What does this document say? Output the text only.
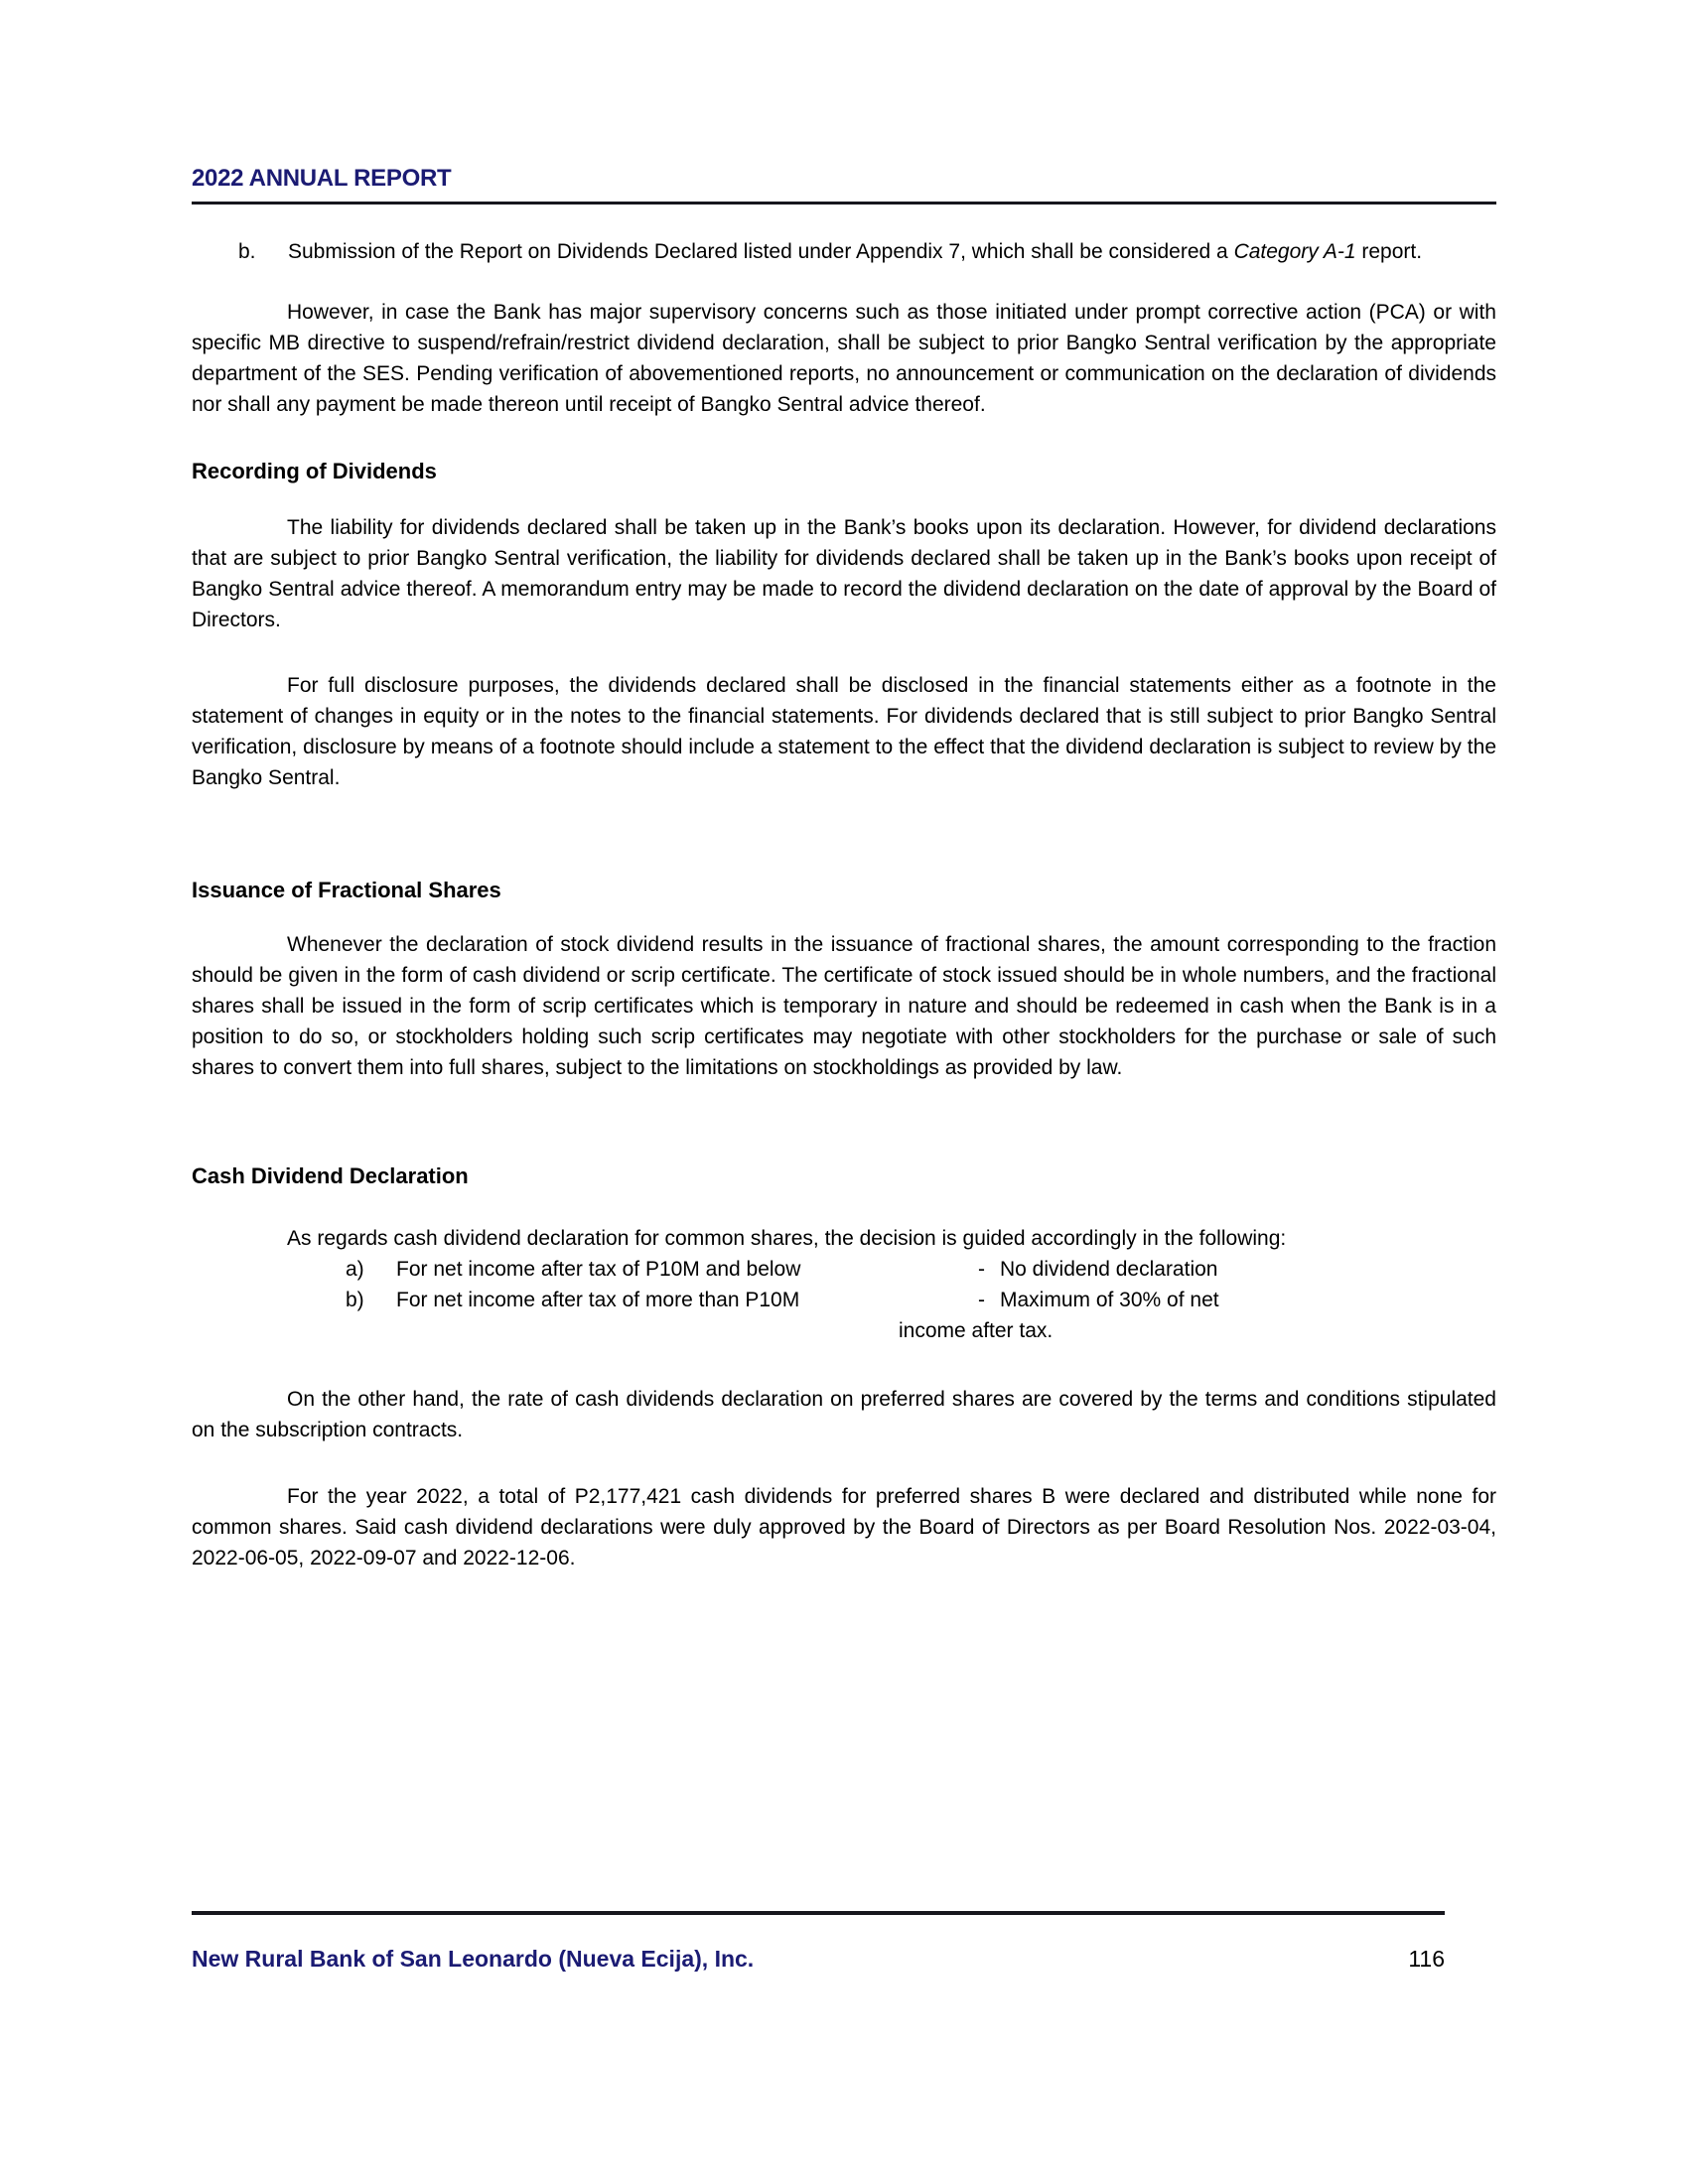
2022 ANNUAL REPORT
b.	Submission of the Report on Dividends Declared listed under Appendix 7, which shall be considered a Category A-1 report.

However, in case the Bank has major supervisory concerns such as those initiated under prompt corrective action (PCA) or with specific MB directive to suspend/refrain/restrict dividend declaration, shall be subject to prior Bangko Sentral verification by the appropriate department of the SES. Pending verification of abovementioned reports, no announcement or communication on the declaration of dividends nor shall any payment be made thereon until receipt of Bangko Sentral advice thereof.

Recording of Dividends

The liability for dividends declared shall be taken up in the Bank’s books upon its declaration. However, for dividend declarations that are subject to prior Bangko Sentral verification, the liability for dividends declared shall be taken up in the Bank’s books upon receipt of Bangko Sentral advice thereof. A memorandum entry may be made to record the dividend declaration on the date of approval by the Board of Directors.

For full disclosure purposes, the dividends declared shall be disclosed in the financial statements either as a footnote in the statement of changes in equity or in the notes to the financial statements. For dividends declared that is still subject to prior Bangko Sentral verification, disclosure by means of a footnote should include a statement to the effect that the dividend declaration is subject to review by the Bangko Sentral.

Issuance of Fractional Shares

Whenever the declaration of stock dividend results in the issuance of fractional shares, the amount corresponding to the fraction should be given in the form of cash dividend or scrip certificate. The certificate of stock issued should be in whole numbers, and the fractional shares shall be issued in the form of scrip certificates which is temporary in nature and should be redeemed in cash when the Bank is in a position to do so, or stockholders holding such scrip certificates may negotiate with other stockholders for the purchase or sale of such shares to convert them into full shares, subject to the limitations on stockholdings as provided by law.

Cash Dividend Declaration

As regards cash dividend declaration for common shares, the decision is guided accordingly in the following:

a)	For net income after tax of P10M and below	- No dividend declaration
b)	For net income after tax of more than P10M	- Maximum of 30% of net
income after tax.

On the other hand, the rate of cash dividends declaration on preferred shares are covered by the terms and conditions stipulated on the subscription contracts.

For the year 2022, a total of P2,177,421 cash dividends for preferred shares B were declared and distributed while none for common shares. Said cash dividend declarations were duly approved by the Board of Directors as per Board Resolution Nos. 2022-03-04, 2022-06-05, 2022-09-07 and 2022-12-06.

New Rural Bank of San Leonardo (Nueva Ecija), Inc.	116
